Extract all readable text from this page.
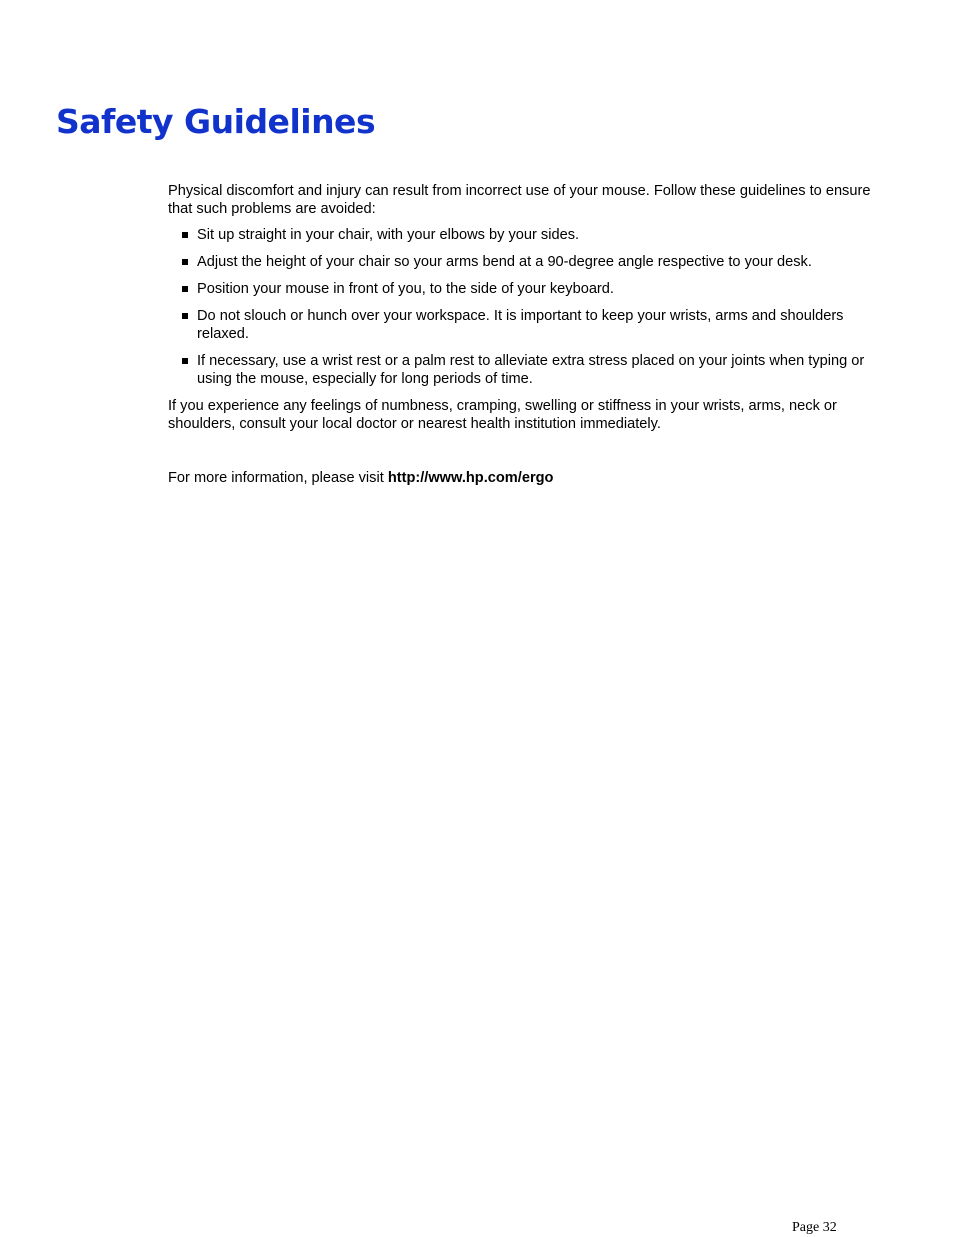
Safety Guidelines

Physical discomfort and injury can result from incorrect use of your mouse. Follow these guidelines to ensure that such problems are avoided:

Sit up straight in your chair, with your elbows by your sides.
Adjust the height of your chair so your arms bend at a 90-degree angle respective to your desk.
Position your mouse in front of you, to the side of your keyboard.
Do not slouch or hunch over your workspace. It is important to keep your wrists, arms and shoulders relaxed.
If necessary, use a wrist rest or a palm rest to alleviate extra stress placed on your joints when typing or using the mouse, especially for long periods of time.

If you experience any feelings of numbness, cramping, swelling or stiffness in your wrists, arms, neck or shoulders, consult your local doctor or nearest health institution immediately.

For more information, please visit http://www.hp.com/ergo

Page 32
